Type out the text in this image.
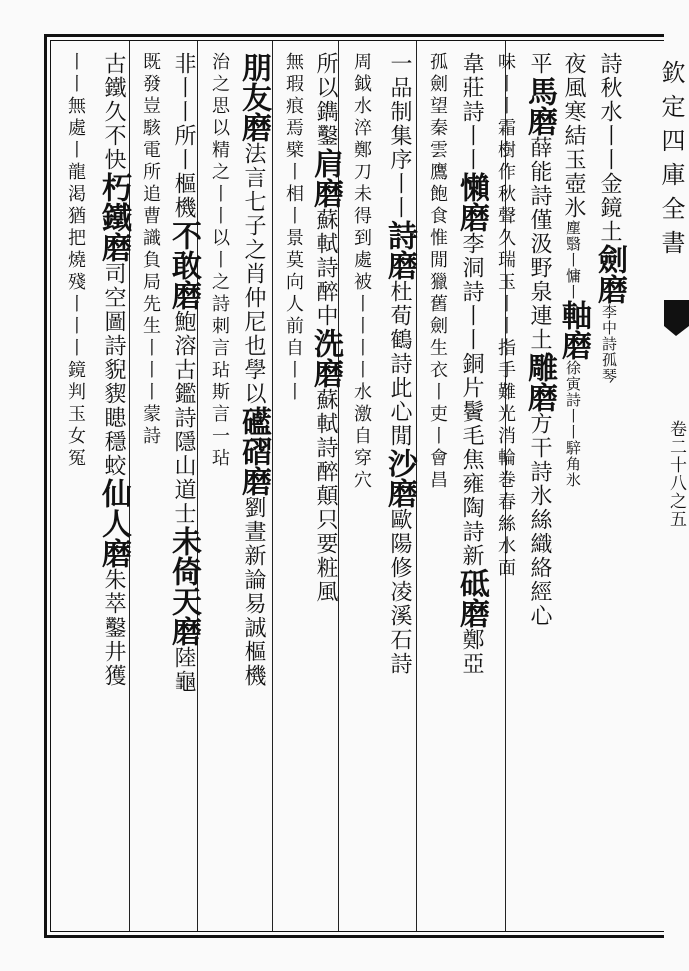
欽定四庫全書
卷二十八之五
詩秋水丨丨金鏡土劍磨李中詩孤琴
夜風寒結玉壺氷塵翳丨慵丨軸磨徐寅詩丨丨騂角氷
平馬磨薛能詩僅汲野泉連土雕磨方干詩氷絲織絡經心
味丨丨霜樹作秋聲久瑞玉丨丨指手難光消輪巻春絲水面
韋莊詩丨丨懶磨李洞詩丨丨銅片鬢毛焦雍陶詩新砥磨鄭亞
孤劍望秦雲鷹飽食惟閒獵舊劍生衣丨吏丨會昌
一品制集序丨丨詩磨杜荀鶴詩此心閒沙磨歐陽修凌溪石詩
周鉞水淬鄭刀未得到處被丨丨丨丨水激自穿穴
所以鐫鑿肩磨蘇軾詩醉中洗磨蘇軾詩醉顛只要粧風
無瑕痕焉檗丨相丨景莫向人前自丨丨
朋友磨法言七子之肖仲尼也學以礷磖磨劉晝新論易誠樞機
治之思以精之丨丨以丨之詩刺言玷斯言一玷
非丨丨所丨樞機不敢磨鮑溶古鑑詩隱山道士未倚天磨陸龜
既發豈駭電所追曹識負局先生丨丨丨蒙詩
古鐵久不快朽鐵磨司空圖詩貎䝟瞣穩蛟仙人磨朱萃鑿井獲
丨丨無處丨龍渇猶把燒殘丨丨丨鏡判玉女冤
